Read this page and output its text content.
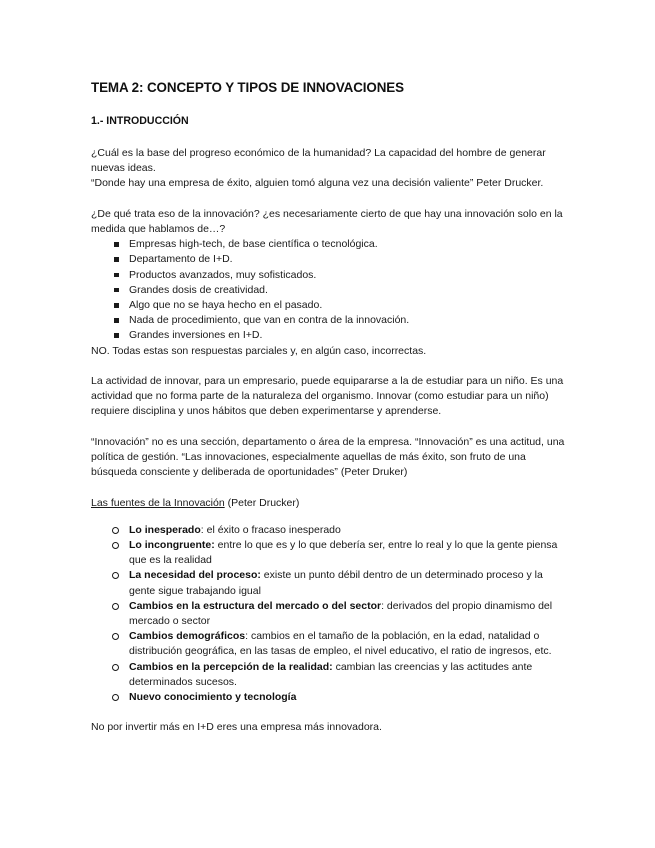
TEMA 2: CONCEPTO Y TIPOS DE INNOVACIONES
1.- INTRODUCCIÓN

¿Cuál es la base del progreso económico de la humanidad? La capacidad del hombre de generar nuevas ideas.

“Donde hay una empresa de éxito, alguien tomó alguna vez una decisión valiente” Peter Drucker.

¿De qué trata eso de la innovación? ¿es necesariamente cierto de que hay una innovación solo en la medida que hablamos de…?

Empresas high-tech, de base científica o tecnológica.
Departamento de I+D.
Productos avanzados, muy sofisticados.
Grandes dosis de creatividad.
Algo que no se haya hecho en el pasado.
Nada de procedimiento, que van en contra de la innovación.
Grandes inversiones en I+D.

NO. Todas estas son respuestas parciales y, en algún caso, incorrectas.

La actividad de innovar, para un empresario, puede equipararse a la de estudiar para un niño. Es una actividad que no forma parte de la naturaleza del organismo. Innovar (como estudiar para un niño) requiere disciplina y unos hábitos que deben experimentarse y aprenderse.

“Innovación” no es una sección, departamento o área de la empresa. “Innovación” es una actitud, una política de gestión. “Las innovaciones, especialmente aquellas de más éxito, son fruto de una búsqueda consciente y deliberada de oportunidades” (Peter Druker)

Las fuentes de la Innovación (Peter Drucker)

Lo inesperado: el éxito o fracaso inesperado
Lo incongruente: entre lo que es y lo que debería ser, entre lo real y lo que la gente piensa que es la realidad
La necesidad del proceso: existe un punto débil dentro de un determinado proceso y la gente sigue trabajando igual
Cambios en la estructura del mercado o del sector: derivados del propio dinamismo del mercado o sector
Cambios demográficos: cambios en el tamaño de la población, en la edad, natalidad o distribución geográfica, en las tasas de empleo, el nivel educativo, el ratio de ingresos, etc.
Cambios en la percepción de la realidad: cambian las creencias y las actitudes ante determinados sucesos.
Nuevo conocimiento y tecnología

No por invertir más en I+D eres una empresa más innovadora.
